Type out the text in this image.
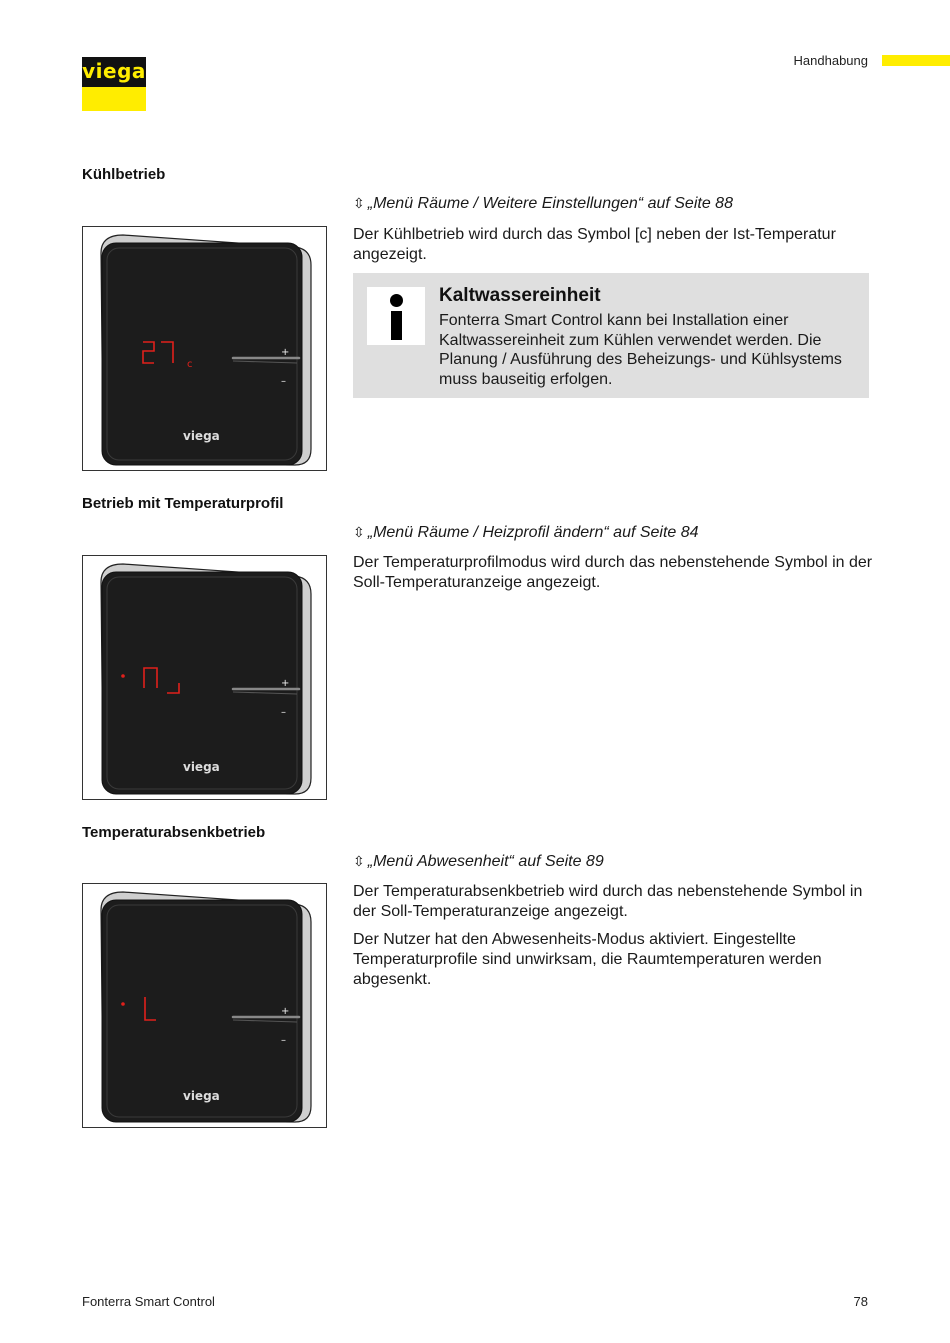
viega	Handhabung
Kühlbetrieb
⇳ „Menü Räume / Weitere Einstellungen“ auf Seite 88
Der Kühlbetrieb wird durch das Symbol [c] neben der Ist-Temperatur angezeigt.
Kaltwassereinheit
Fonterra Smart Control kann bei Installation einer Kaltwassereinheit zum Kühlen verwendet werden. Die Planung / Ausführung des Beheizungs- und Kühlsystems muss bauseitig erfolgen.
+
–
viega
c
Betrieb mit Temperaturprofil
⇳ „Menü Räume / Heizprofil ändern“ auf Seite 84
Der Temperaturprofilmodus wird durch das nebenstehende Symbol in der Soll-Temperaturanzeige angezeigt.
+
–
viega
Temperaturabsenkbetrieb
⇳ „Menü Abwesenheit“ auf Seite 89
Der Temperaturabsenkbetrieb wird durch das nebenstehende Symbol in der Soll-Temperaturanzeige angezeigt.
Der Nutzer hat den Abwesenheits-Modus aktiviert. Eingestellte Temperaturprofile sind unwirksam, die Raumtemperaturen werden abgesenkt.
+
–
viega
Fonterra Smart Control	78
